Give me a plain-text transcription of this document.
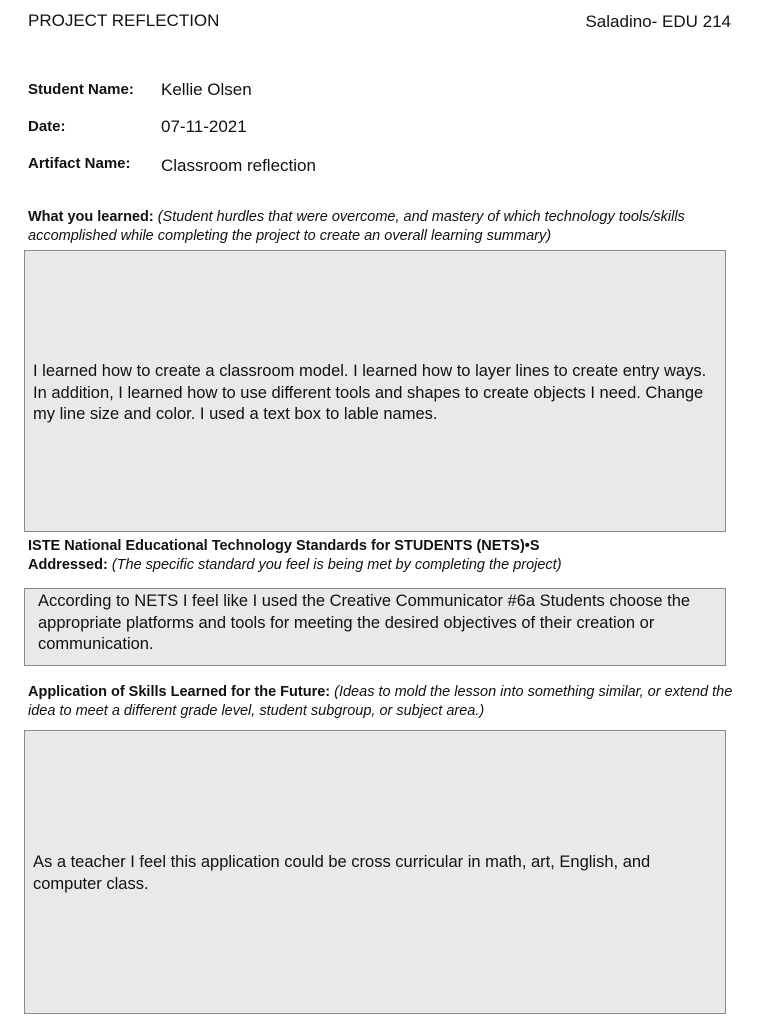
PROJECT REFLECTION	Saladino- EDU 214
Student Name: Kellie Olsen
Date:	07-11-2021
Artifact Name: Classroom reflection
What you learned: (Student hurdles that were overcome, and mastery of which technology tools/skills accomplished while completing the project to create an overall learning summary)
I learned how to create a classroom model. I learned how to layer lines to create entry ways. In addition, I learned how to use different tools and shapes to create objects I need. Change my line size and color. I used a text box to lable names.
ISTE National Educational Technology Standards for STUDENTS (NETS)•S
Addressed: (The specific standard you feel is being met by completing the project)
According to NETS I feel like I used the Creative Communicator #6a Students choose the appropriate platforms and tools for meeting the desired objectives of their creation or communication.
Application of Skills Learned for the Future: (Ideas to mold the lesson into something similar, or extend the idea to meet a different grade level, student subgroup, or subject area.)
As a teacher I feel this application could be cross curricular in math, art, English, and computer class.
